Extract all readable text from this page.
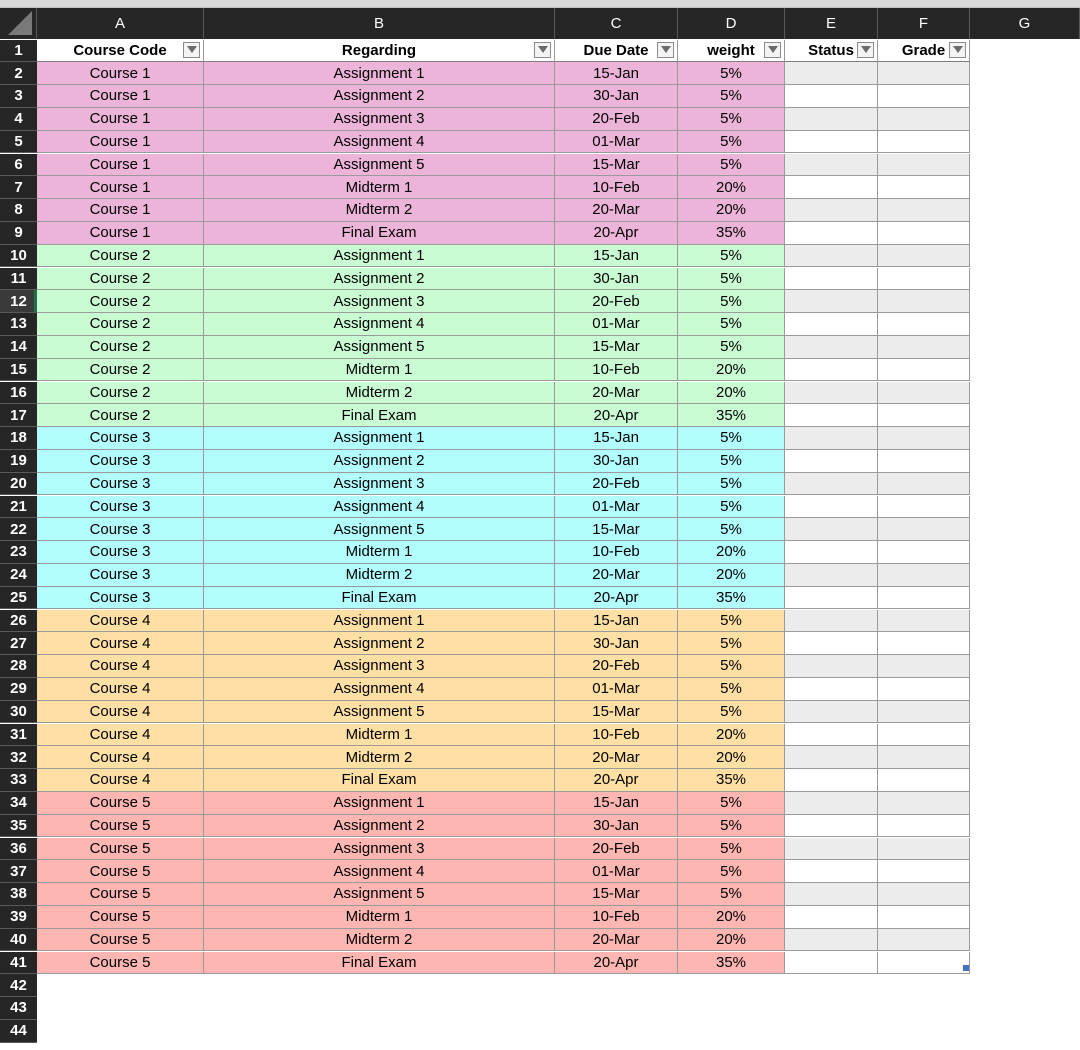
A	B	C	D	E	F	G
1
2
3
4
5
6
7
8
9
10
11
12
13
14
15
16
17
18
19
20
21
22
23
24
25
26
27
28
29
30
31
32
33
34
35
36
37
38
39
40
41
42
43
44
Course Code	Regarding	Due Date	weight	Status	Grade
Course 1	Assignment 1	15-Jan	5%
Course 1	Assignment 2	30-Jan	5%
Course 1	Assignment 3	20-Feb	5%
Course 1	Assignment 4	01-Mar	5%
Course 1	Assignment 5	15-Mar	5%
Course 1	Midterm 1	10-Feb	20%
Course 1	Midterm 2	20-Mar	20%
Course 1	Final Exam	20-Apr	35%
Course 2	Assignment 1	15-Jan	5%
Course 2	Assignment 2	30-Jan	5%
Course 2	Assignment 3	20-Feb	5%
Course 2	Assignment 4	01-Mar	5%
Course 2	Assignment 5	15-Mar	5%
Course 2	Midterm 1	10-Feb	20%
Course 2	Midterm 2	20-Mar	20%
Course 2	Final Exam	20-Apr	35%
Course 3	Assignment 1	15-Jan	5%
Course 3	Assignment 2	30-Jan	5%
Course 3	Assignment 3	20-Feb	5%
Course 3	Assignment 4	01-Mar	5%
Course 3	Assignment 5	15-Mar	5%
Course 3	Midterm 1	10-Feb	20%
Course 3	Midterm 2	20-Mar	20%
Course 3	Final Exam	20-Apr	35%
Course 4	Assignment 1	15-Jan	5%
Course 4	Assignment 2	30-Jan	5%
Course 4	Assignment 3	20-Feb	5%
Course 4	Assignment 4	01-Mar	5%
Course 4	Assignment 5	15-Mar	5%
Course 4	Midterm 1	10-Feb	20%
Course 4	Midterm 2	20-Mar	20%
Course 4	Final Exam	20-Apr	35%
Course 5	Assignment 1	15-Jan	5%
Course 5	Assignment 2	30-Jan	5%
Course 5	Assignment 3	20-Feb	5%
Course 5	Assignment 4	01-Mar	5%
Course 5	Assignment 5	15-Mar	5%
Course 5	Midterm 1	10-Feb	20%
Course 5	Midterm 2	20-Mar	20%
Course 5	Final Exam	20-Apr	35%
